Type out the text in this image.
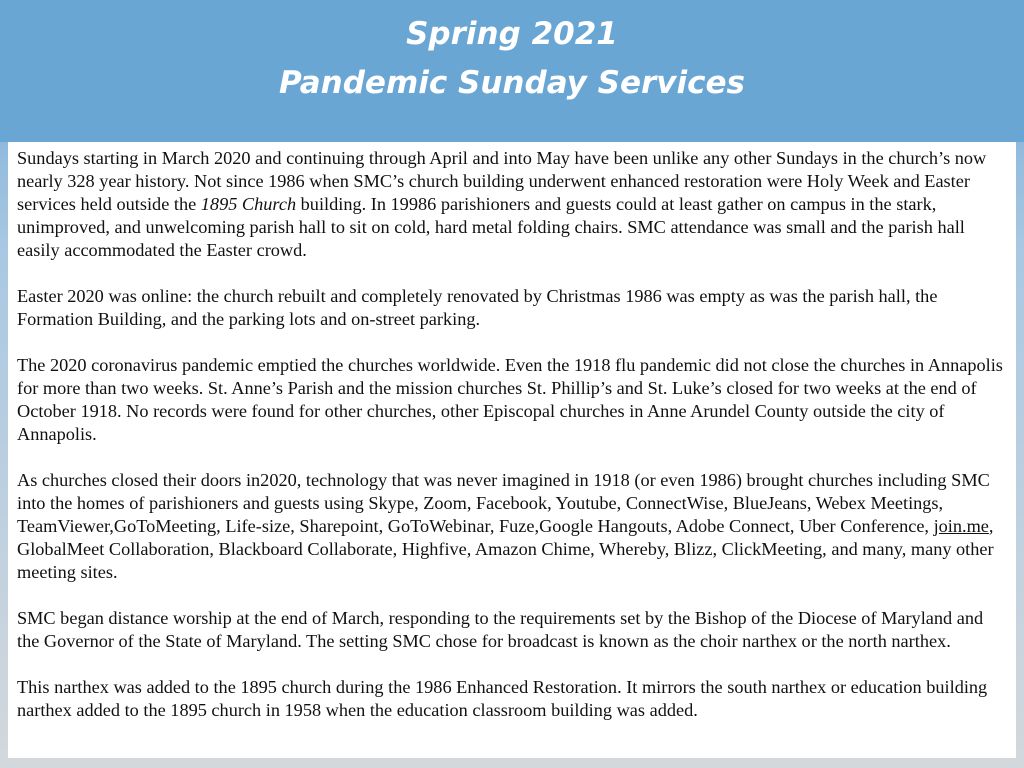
Spring 2021
Pandemic Sunday Services

Sundays starting in March 2020 and continuing through April and into May have been unlike any other Sundays in the church’s now nearly 328 year history. Not since 1986 when SMC’s church building underwent enhanced restoration were Holy Week and Easter services held outside the 1895 Church building. In 19986 parishioners and guests could at least gather on campus in the stark, unimproved, and unwelcoming parish hall to sit on cold, hard metal folding chairs. SMC attendance was small and the parish hall easily accommodated the Easter crowd.

Easter 2020 was online: the church rebuilt and completely renovated by Christmas 1986 was empty as was the parish hall, the Formation Building, and the parking lots and on-street parking.

The 2020 coronavirus pandemic emptied the churches worldwide. Even the 1918 flu pandemic did not close the churches in Annapolis for more than two weeks. St. Anne’s Parish and the mission churches St. Phillip’s and St. Luke’s closed for two weeks at the end of October 1918. No records were found for other churches, other Episcopal churches in Anne Arundel County outside the city of Annapolis.

As churches closed their doors in2020, technology that was never imagined in 1918 (or even 1986) brought churches including SMC into the homes of parishioners and guests using Skype, Zoom, Facebook, Youtube, ConnectWise, BlueJeans, Webex Meetings, TeamViewer,GoToMeeting, Life-size, Sharepoint, GoToWebinar, Fuze,Google Hangouts, Adobe Connect, Uber Conference, join.me, GlobalMeet Collaboration, Blackboard Collaborate, Highfive, Amazon Chime, Whereby, Blizz, ClickMeeting, and many, many other meeting sites.

SMC began distance worship at the end of March, responding to the requirements set by the Bishop of the Diocese of Maryland and the Governor of the State of Maryland. The setting SMC chose for broadcast is known as the choir narthex or the north narthex.

This narthex was added to the 1895 church during the 1986 Enhanced Restoration. It mirrors the south narthex or education building narthex added to the 1895 church in 1958 when the education classroom building was added.
